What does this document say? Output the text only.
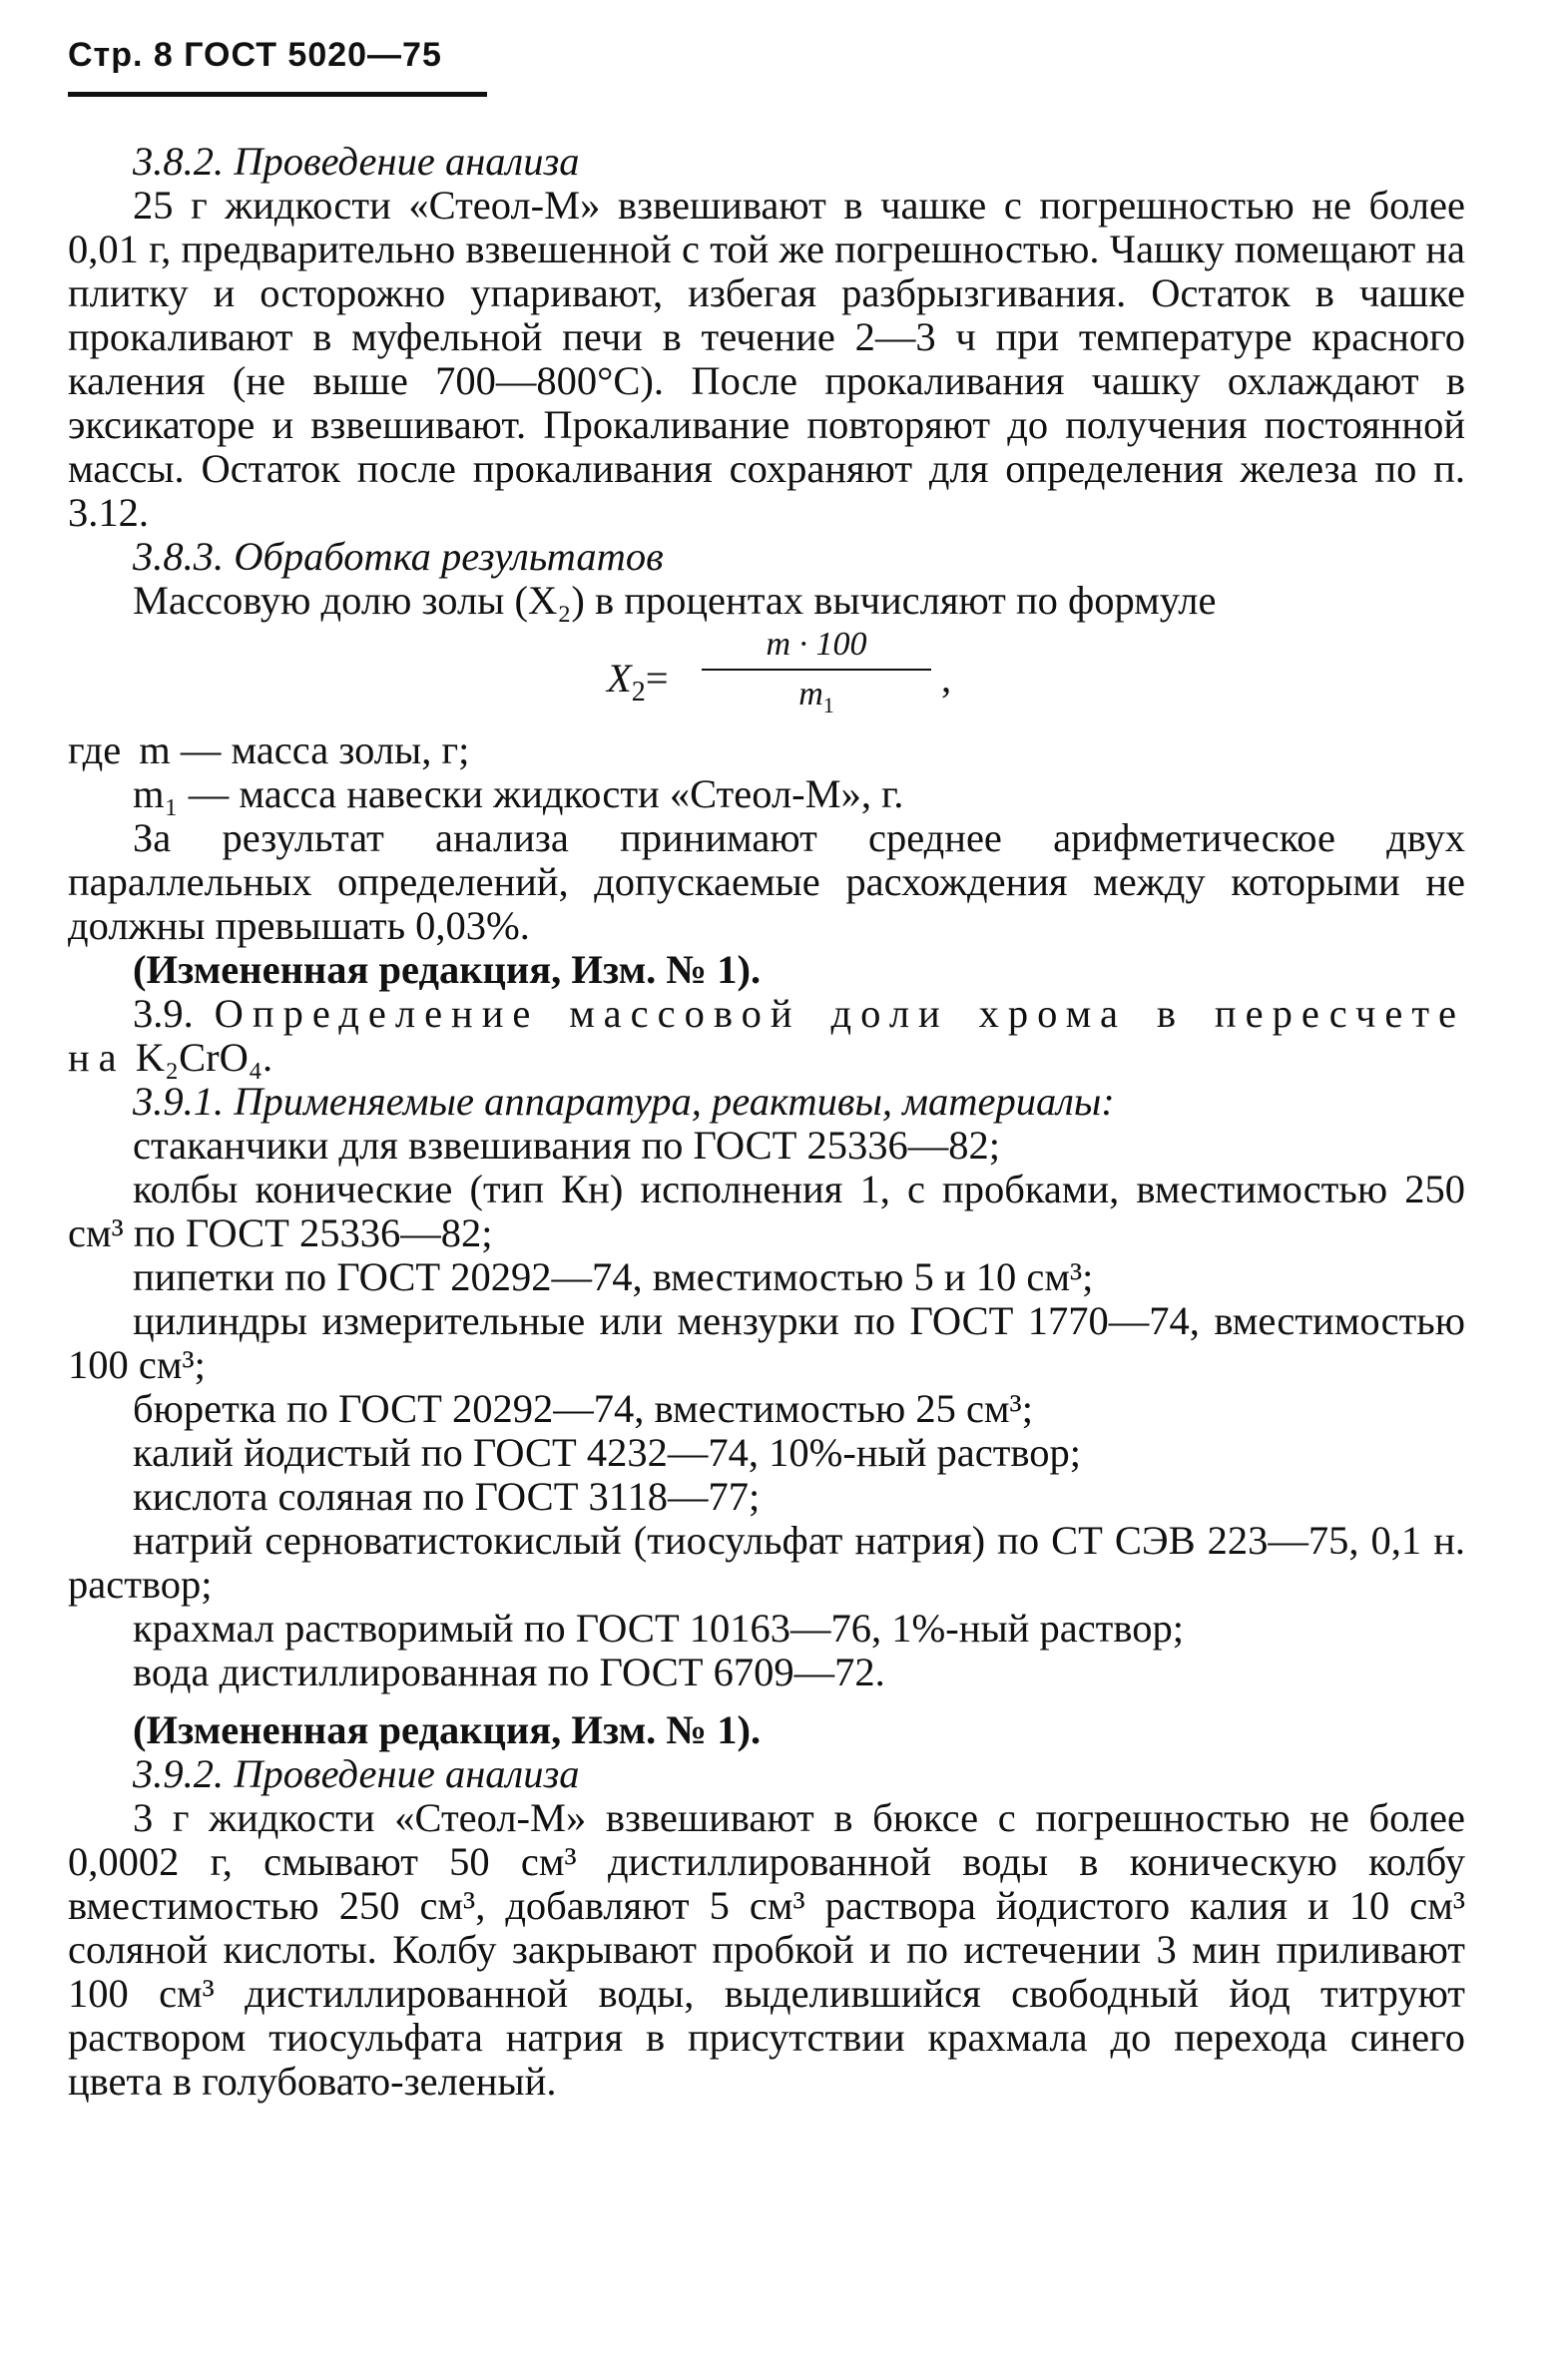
Стр. 8 ГОСТ 5020—75

3.8.2. Проведение анализа

25 г жидкости «Стеол-М» взвешивают в чашке с погрешностью не более 0,01 г, предварительно взвешенной с той же погрешностью. Чашку помещают на плитку и осторожно упаривают, избегая разбрызгивания. Остаток в чашке прокаливают в муфельной печи в течение 2—3 ч при температуре красного каления (не выше 700—800°С). После прокаливания чашку охлаждают в эксикаторе и взвешивают. Прокаливание повторяют до получения постоянной массы. Остаток после прокаливания сохраняют для определения железа по п. 3.12.

3.8.3. Обработка результатов

Массовую долю золы (X₂) в процентах вычисляют по формуле

$X_2=$
m · 100
$m_1$
,

где m — масса золы, г;

m₁ — масса навески жидкости «Стеол-М», г.

За результат анализа принимают среднее арифметическое двух параллельных определений, допускаемые расхождения между которыми не должны превышать 0,03%.

(Измененная редакция, Изм. № 1).

3.9. Определение массовой доли хрома в пересчете на K₂CrO₄.

3.9.1. Применяемые аппаратура, реактивы, материалы:

стаканчики для взвешивания по ГОСТ 25336—82;

колбы конические (тип Кн) исполнения 1, с пробками, вместимостью 250 см³ по ГОСТ 25336—82;

пипетки по ГОСТ 20292—74, вместимостью 5 и 10 см³;

цилиндры измерительные или мензурки по ГОСТ 1770—74, вместимостью 100 см³;

бюретка по ГОСТ 20292—74, вместимостью 25 см³;

калий йодистый по ГОСТ 4232—74, 10%-ный раствор;

кислота соляная по ГОСТ 3118—77;

натрий серноватистокислый (тиосульфат натрия) по СТ СЭВ 223—75, 0,1 н. раствор;

крахмал растворимый по ГОСТ 10163—76, 1%-ный раствор;

вода дистиллированная по ГОСТ 6709—72.

(Измененная редакция, Изм. № 1).

3.9.2. Проведение анализа

3 г жидкости «Стеол-М» взвешивают в бюксе с погрешностью не более 0,0002 г, смывают 50 см³ дистиллированной воды в коническую колбу вместимостью 250 см³, добавляют 5 см³ раствора йодистого калия и 10 см³ соляной кислоты. Колбу закрывают пробкой и по истечении 3 мин приливают 100 см³ дистиллированной воды, выделившийся свободный йод титруют раствором тиосульфата натрия в присутствии крахмала до перехода синего цвета в голубовато-зеленый.
